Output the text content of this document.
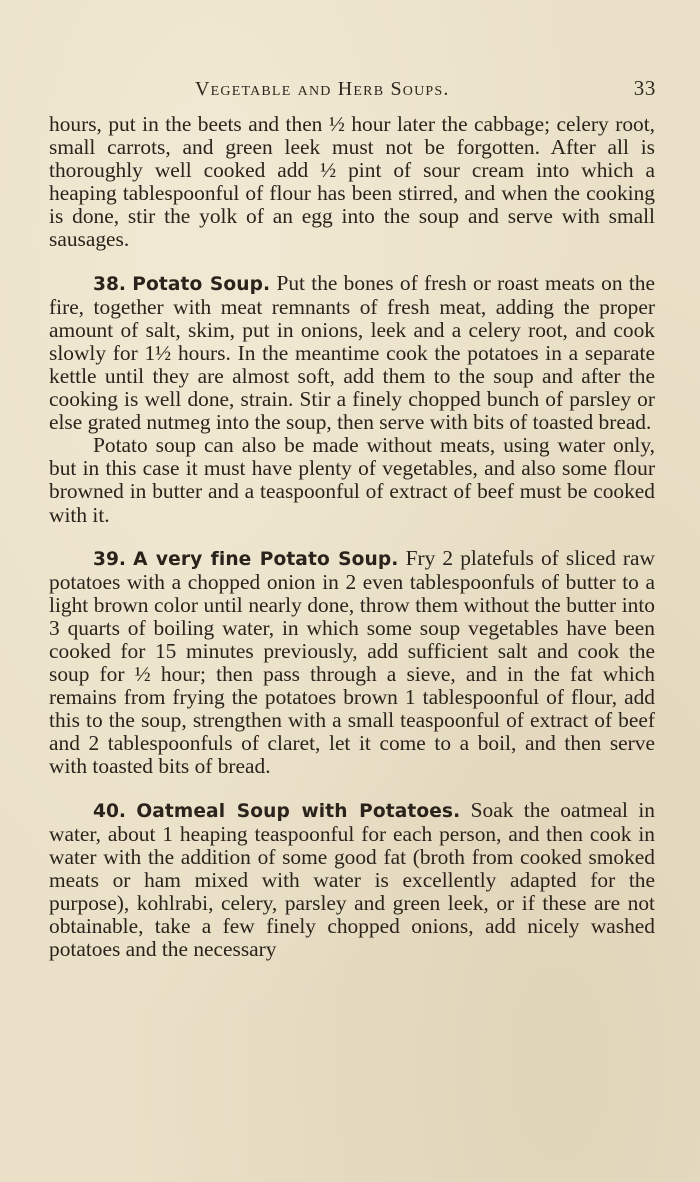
Vegetable and Herb Soups.	33

hours, put in the beets and then ½ hour later the cabbage; celery root, small carrots, and green leek must not be forgotten. After all is thoroughly well cooked add ½ pint of sour cream into which a heaping tablespoonful of flour has been stirred, and when the cooking is done, stir the yolk of an egg into the soup and serve with small sausages.

38. Potato Soup. Put the bones of fresh or roast meats on the fire, together with meat remnants of fresh meat, adding the proper amount of salt, skim, put in onions, leek and a celery root, and cook slowly for 1½ hours. In the meantime cook the potatoes in a separate kettle until they are almost soft, add them to the soup and after the cooking is well done, strain. Stir a finely chopped bunch of parsley or else grated nutmeg into the soup, then serve with bits of toasted bread.

Potato soup can also be made without meats, using water only, but in this case it must have plenty of vegetables, and also some flour browned in butter and a teaspoonful of extract of beef must be cooked with it.

39. A very fine Potato Soup. Fry 2 platefuls of sliced raw potatoes with a chopped onion in 2 even tablespoonfuls of butter to a light brown color until nearly done, throw them without the butter into 3 quarts of boiling water, in which some soup vegetables have been cooked for 15 minutes previously, add sufficient salt and cook the soup for ½ hour; then pass through a sieve, and in the fat which remains from frying the potatoes brown 1 tablespoonful of flour, add this to the soup, strengthen with a small teaspoonful of extract of beef and 2 tablespoonfuls of claret, let it come to a boil, and then serve with toasted bits of bread.

40. Oatmeal Soup with Potatoes. Soak the oatmeal in water, about 1 heaping teaspoonful for each person, and then cook in water with the addition of some good fat (broth from cooked smoked meats or ham mixed with water is excellently adapted for the purpose), kohlrabi, celery, parsley and green leek, or if these are not obtainable, take a few finely chopped onions, add nicely washed potatoes and the necessary
